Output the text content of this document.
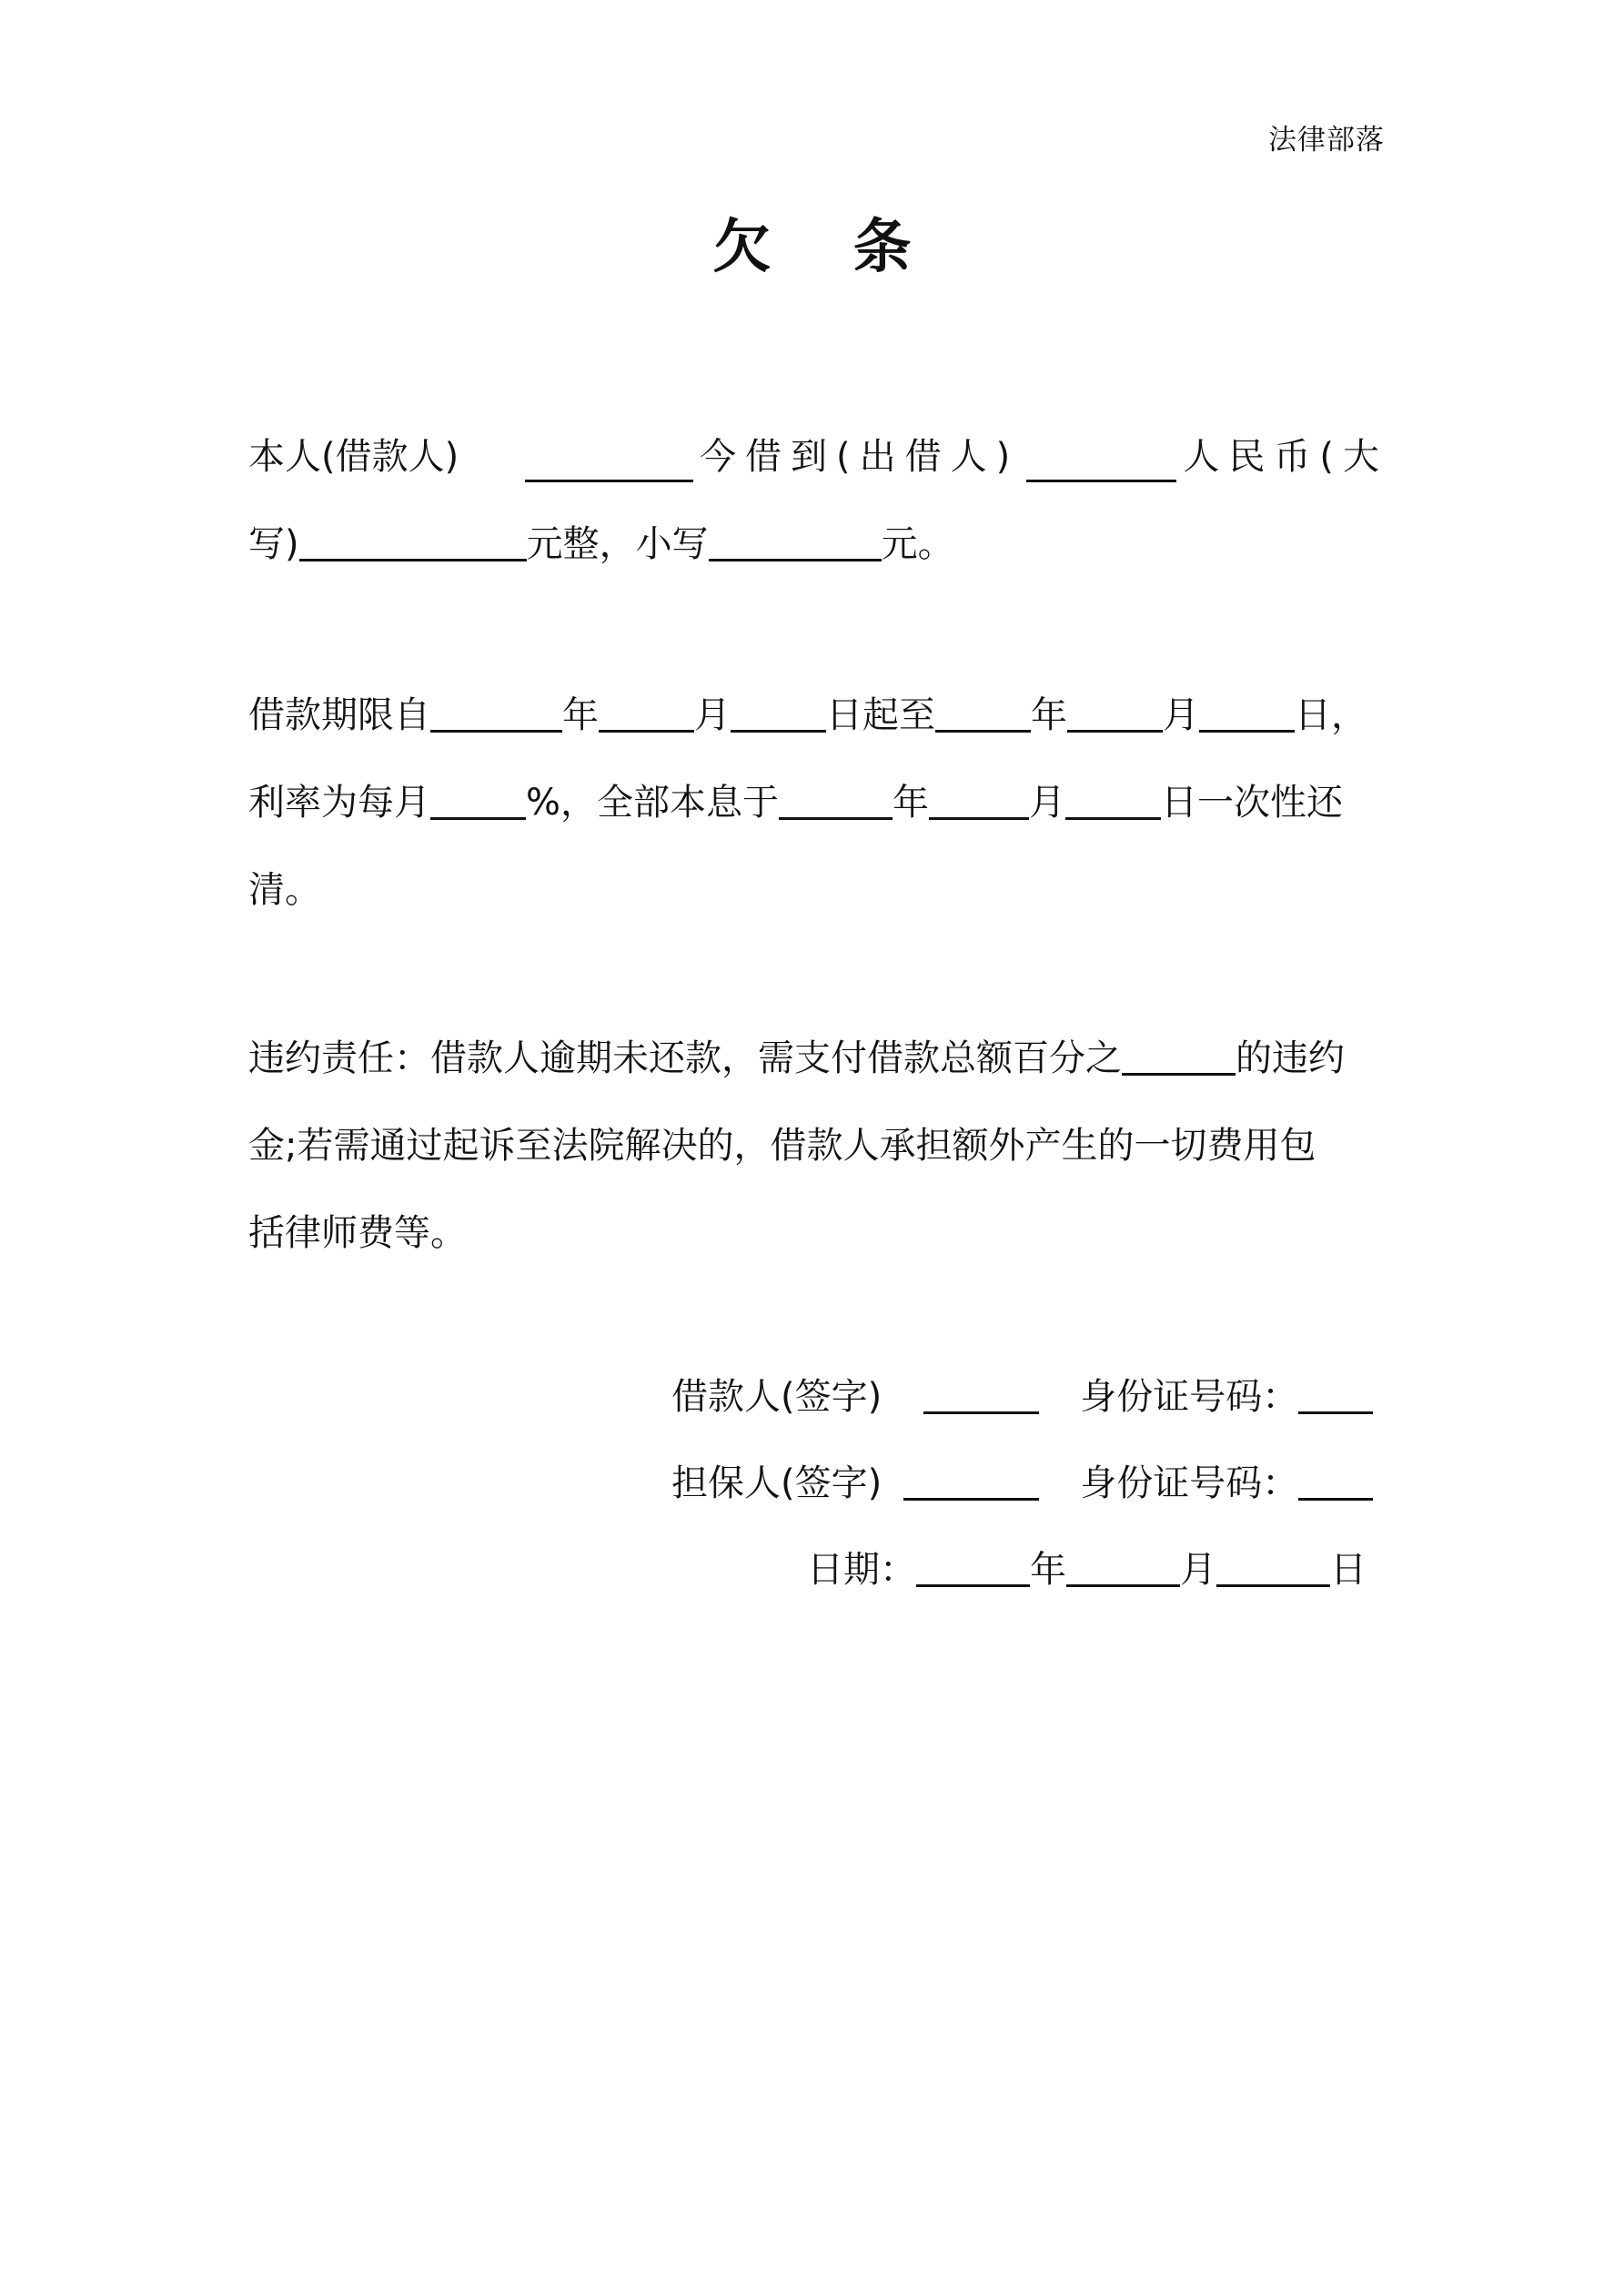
法律部落
欠 条
本人(借款人)	今借到(出借人)	人民币(大
写)	元整，小写	元。
借款期限自	年	月	日起至	年	月	日，
利率为每月	%，全部本息于	年	月	日一次性还
清。
违约责任：借款人逾期未还款，需支付借款总额百分之	的违约
金;若需通过起诉至法院解决的，借款人承担额外产生的一切费用包
括律师费等。
借款人(签字)	身份证号码：
担保人(签字)	身份证号码：
日期：	年	月	日
